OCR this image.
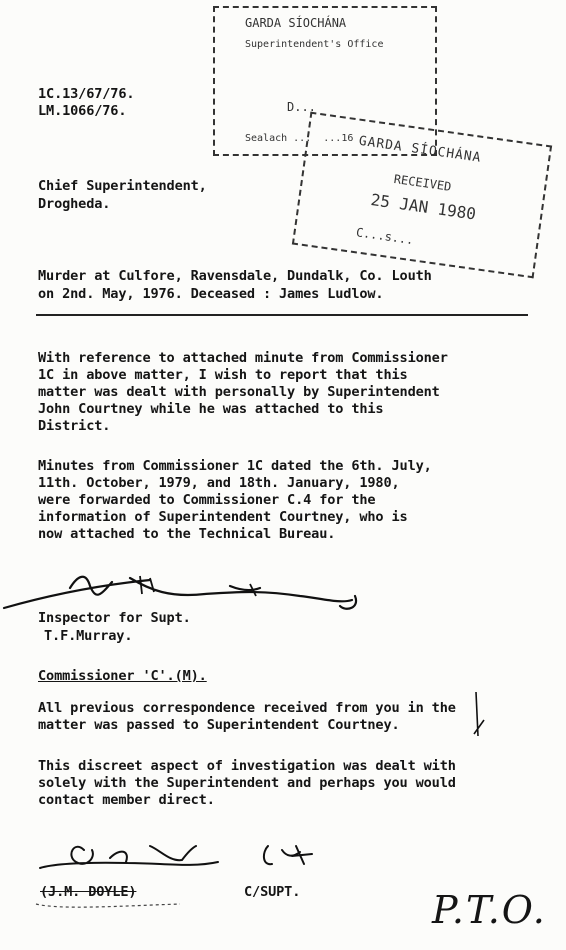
1C.13/67/76.
LM.1066/76.
GARDA SÍOCHÁNA
Superintendent's Office
D...
Sealach ...  ...16 GARDA SÍOCHÁNA
RECEIVED
25 JAN 1980
C...s...
Chief Superintendent,
Drogheda.
Murder at Culfore, Ravensdale, Dundalk, Co. Louth
on 2nd. May, 1976. Deceased : James Ludlow.
With reference to attached minute from Commissioner
1C in above matter, I wish to report that this
matter was dealt with personally by Superintendent
John Courtney while he was attached to this
District.
Minutes from Commissioner 1C dated the 6th. July,
11th. October, 1979, and 18th. January, 1980,
were forwarded to Commissioner C.4 for the
information of Superintendent Courtney, who is
now attached to the Technical Bureau.
Inspector for Supt.
T.F.Murray.
Commissioner 'C'.(M).
All previous correspondence received from you in the
matter was passed to Superintendent Courtney.
This discreet aspect of investigation was dealt with
solely with the Superintendent and perhaps you would
contact member direct.
(J.M. DOYLE)	C/SUPT.	P.T.O.
